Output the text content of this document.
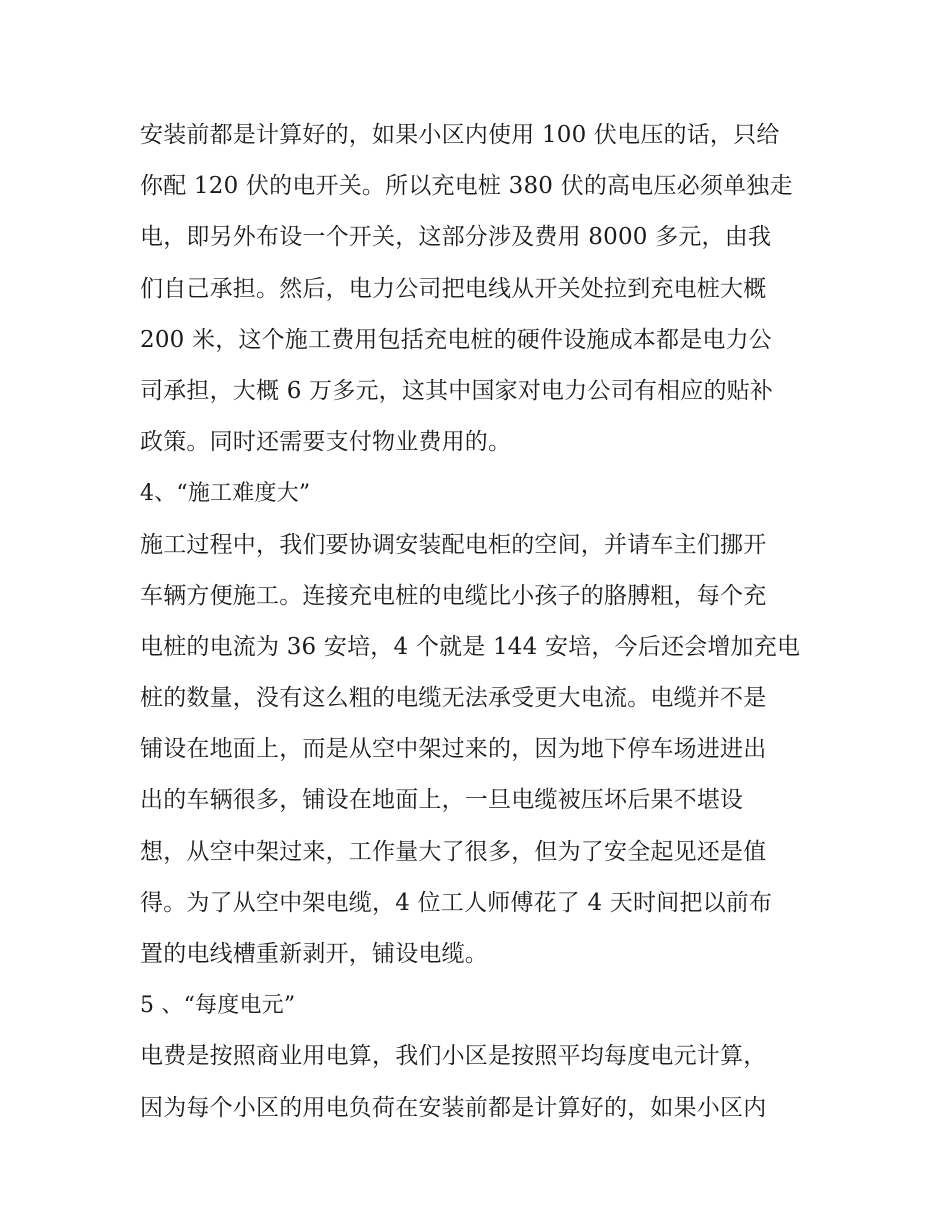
安装前都是计算好的，如果小区内使用 100 伏电压的话，只给
你配 120 伏的电开关。所以充电桩 380 伏的高电压必须单独走
电，即另外布设一个开关，这部分涉及费用 8000 多元，由我
们自己承担。然后，电力公司把电线从开关处拉到充电桩大概
200 米，这个施工费用包括充电桩的硬件设施成本都是电力公
司承担，大概 6 万多元，这其中国家对电力公司有相应的贴补
政策。同时还需要支付物业费用的。
4、“施工难度大”
施工过程中，我们要协调安装配电柜的空间，并请车主们挪开
车辆方便施工。连接充电桩的电缆比小孩子的胳膊粗，每个充
电桩的电流为 36 安培，4 个就是 144 安培，今后还会增加充电
桩的数量，没有这么粗的电缆无法承受更大电流。电缆并不是
铺设在地面上，而是从空中架过来的，因为地下停车场进进出
出的车辆很多，铺设在地面上，一旦电缆被压坏后果不堪设
想，从空中架过来，工作量大了很多，但为了安全起见还是值
得。为了从空中架电缆，4 位工人师傅花了 4 天时间把以前布
置的电线槽重新剥开，铺设电缆。
5 、“每度电元”
电费是按照商业用电算，我们小区是按照平均每度电元计算，
因为每个小区的用电负荷在安装前都是计算好的，如果小区内
